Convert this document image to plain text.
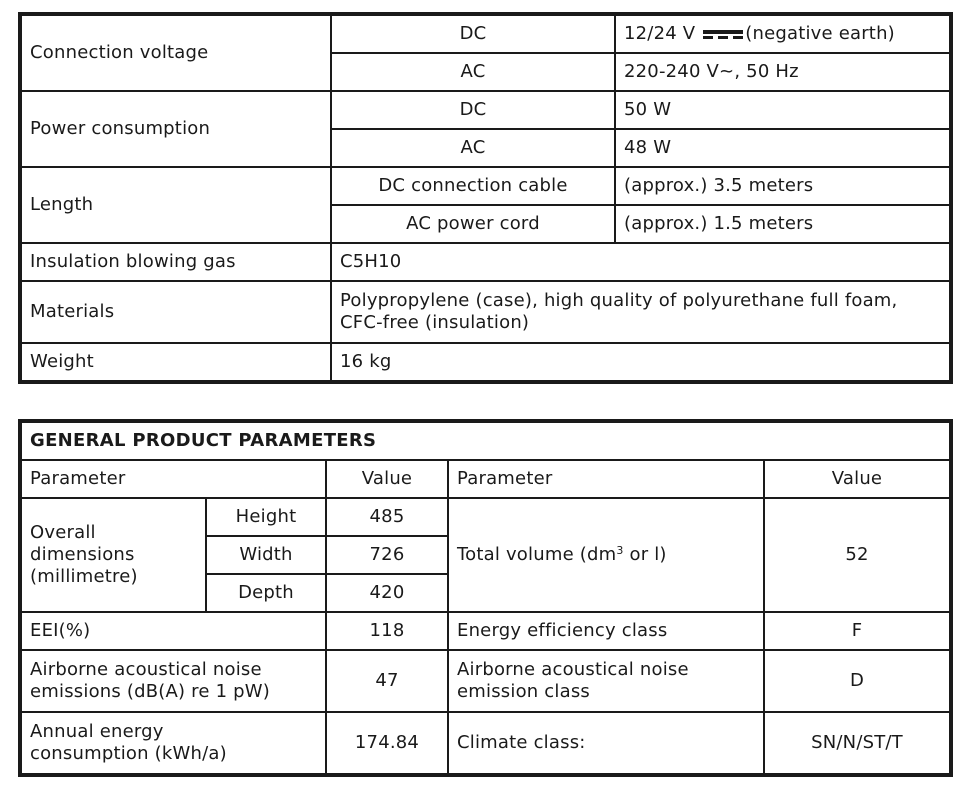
Connection voltage	DC	12/24 V (negative earth)
	AC	220-240 V~, 50 Hz
Power consumption	DC	50 W
	AC	48 W
Length	DC connection cable	(approx.) 3.5 meters
	AC power cord	(approx.) 1.5 meters
Insulation blowing gas	C5H10	
Materials	Polypropylene (case), high quality of polyurethane full foam, CFC-free (insulation)	
Weight	16 kg	
GENERAL PRODUCT PARAMETERS				
Parameter		Value	Parameter	Value
Overall dimensions (millimetre)	Height	485	Total volume ($dm^3$ or l)	52
	Width	726		
	Depth	420		
EEI(%)		118	Energy efficiency class	F
Airborne acoustical noise emissions (dB(A) re 1 pW)		47	Airborne acoustical noise emission class	D
Annual energy consumption (kWh/a)		174.84	Climate class:	SN/N/ST/T
